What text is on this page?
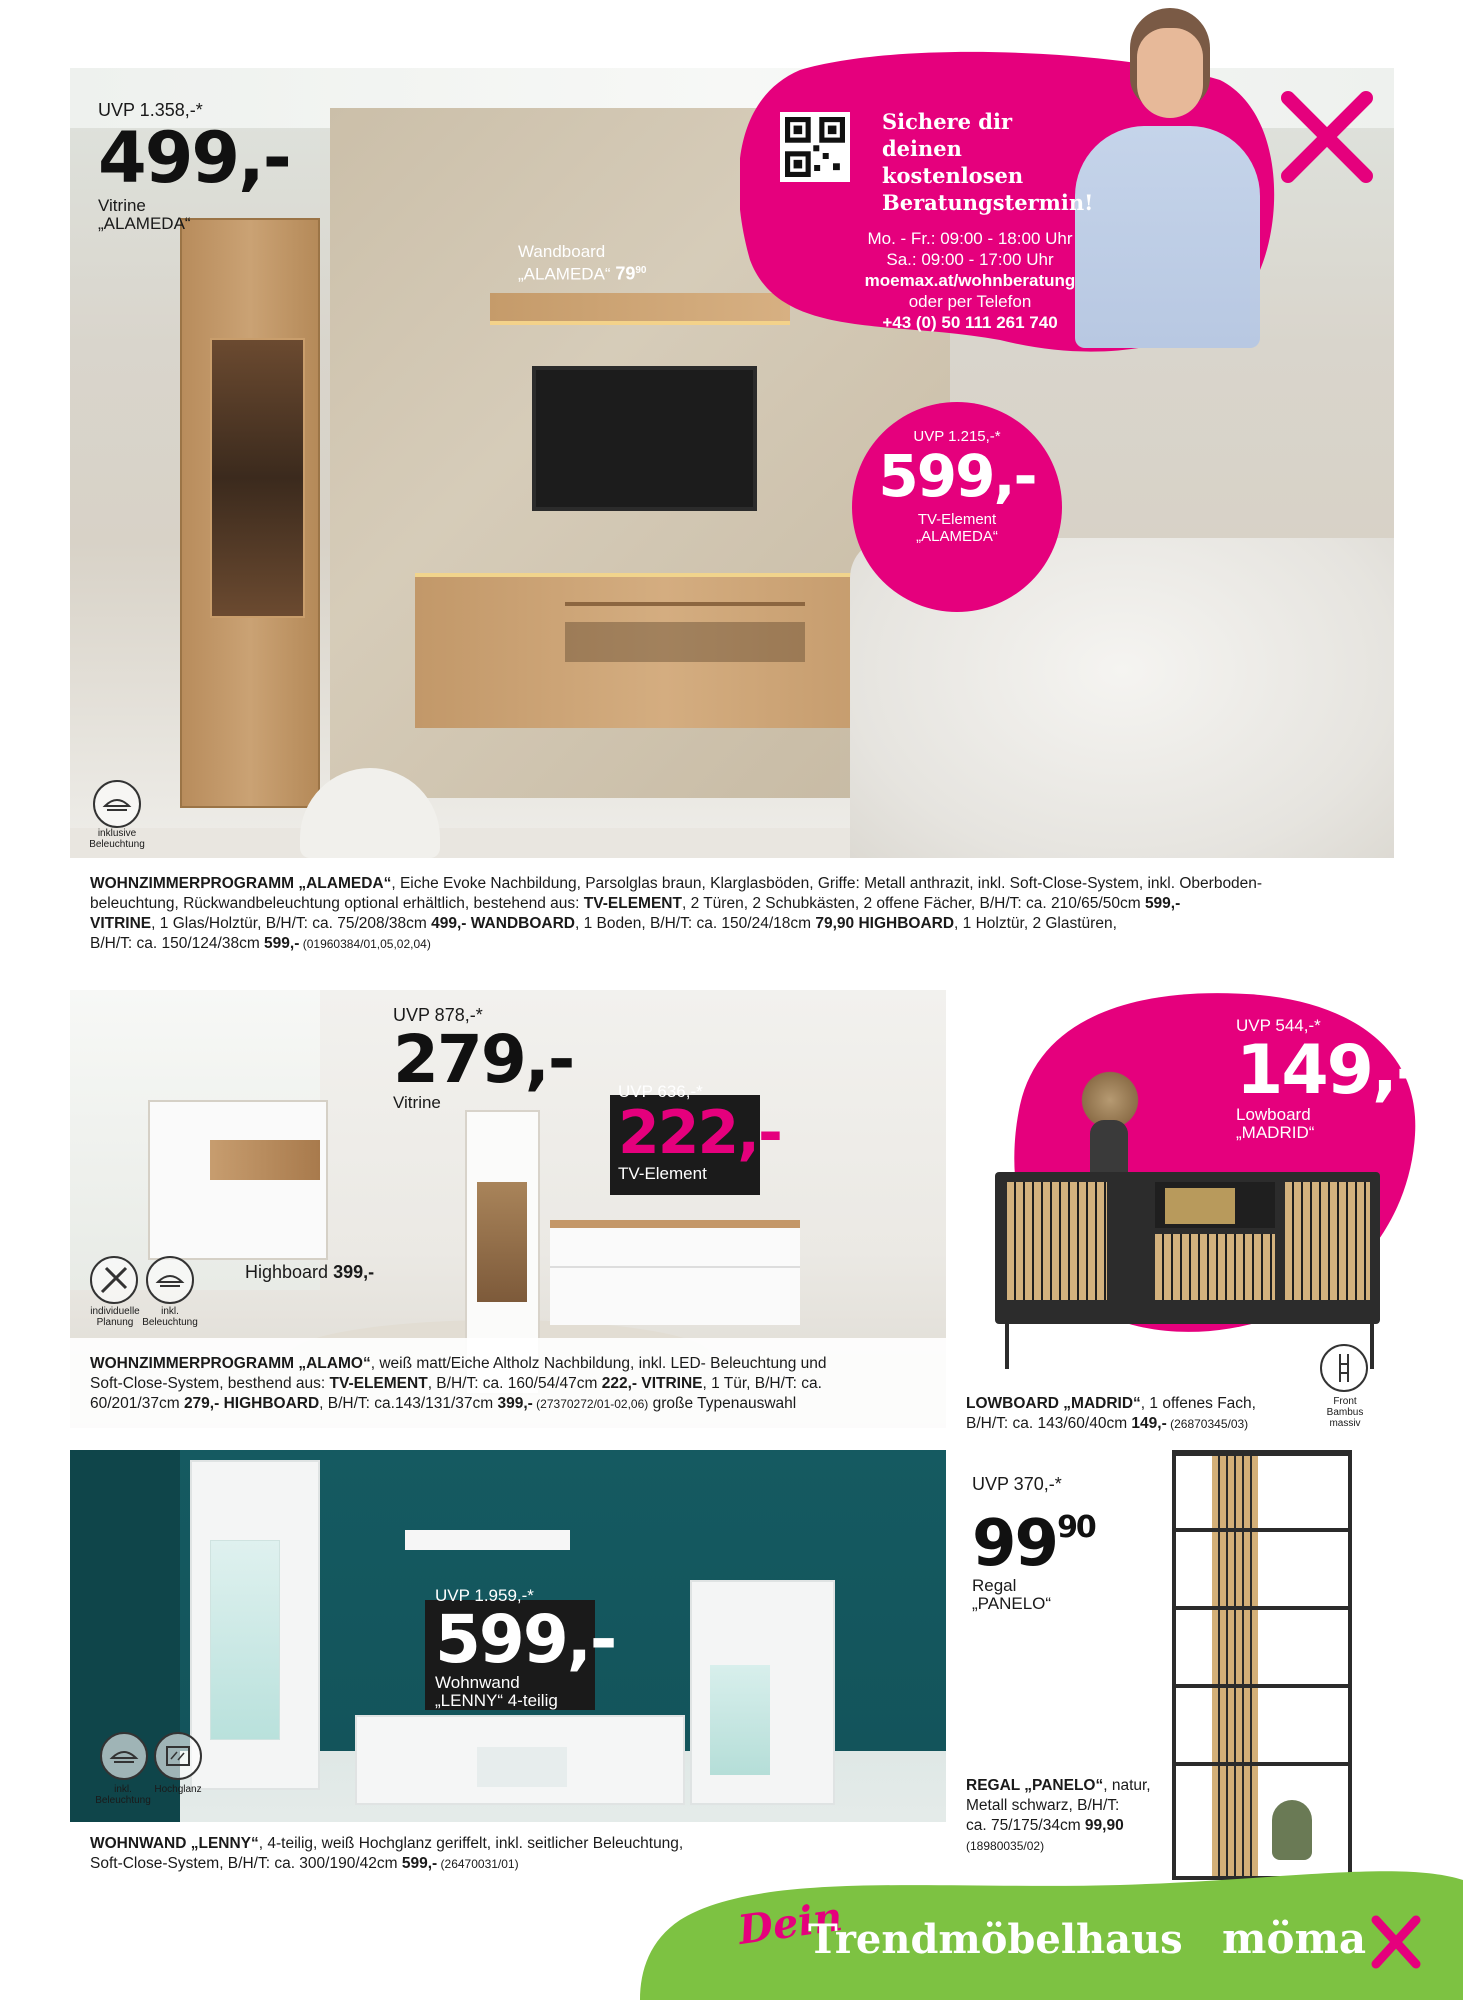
UVP 1.358,-*
499,-
Vitrine
„ALAMEDA“
Wandboard
„ALAMEDA“ $79^{90}$
Sichere dir
deinen
kostenlosen
Beratungstermin!
Mo. - Fr.: 09:00 - 18:00 Uhr
Sa.: 09:00 - 17:00 Uhr
moemax.at/wohnberatung
oder per Telefon
+43 (0) 50 111 261 740
UVP 1.215,-*
599,-
TV-Element
„ALAMEDA“
inklusive
Beleuchtung
WOHNZIMMERPROGRAMM „ALAMEDA“, Eiche Evoke Nachbildung, Parsolglas braun, Klarglasböden, Griffe: Metall anthrazit, inkl. Soft-Close-System, inkl. Oberboden-
beleuchtung, Rückwandbeleuchtung optional erhältlich, bestehend aus: TV-ELEMENT, 2 Türen, 2 Schubkästen, 2 offene Fächer, B/H/T: ca. 210/65/50cm 599,-
VITRINE, 1 Glas/Holztür, B/H/T: ca. 75/208/38cm 499,- WANDBOARD, 1 Boden, B/H/T: ca. 150/24/18cm 79,90 HIGHBOARD, 1 Holztür, 2 Glastüren,
B/H/T: ca. 150/124/38cm 599,- (01960384/01,05,02,04)
UVP 878,-*
279,-
Vitrine
UVP 636,-*
222,-
TV-Element
Highboard 399,-
individuelle
Planung
inkl.
Beleuchtung
WOHNZIMMERPROGRAMM „ALAMO“, weiß matt/Eiche Altholz Nachbildung, inkl. LED- Beleuchtung und
Soft-Close-System, besthend aus: TV-ELEMENT, B/H/T: ca. 160/54/47cm 222,- VITRINE, 1 Tür, B/H/T: ca.
60/201/37cm 279,- HIGHBOARD, B/H/T: ca.143/131/37cm 399,- (27370272/01-02,06) große Typenauswahl
UVP 544,-*
149,-
Lowboard
„MADRID“
LOWBOARD „MADRID“, 1 offenes Fach,
B/H/T: ca. 143/60/40cm 149,- (26870345/03)
Front
Bambus
massiv
UVP 1.959,-*
599,-
Wohnwand
„LENNY“ 4-teilig
inkl.
Beleuchtung
Hochglanz
WOHNWAND „LENNY“, 4-teilig, weiß Hochglanz geriffelt, inkl. seitlicher Beleuchtung,
Soft-Close-System, B/H/T: ca. 300/190/42cm 599,- (26470031/01)
UVP 370,-*
$99^{90}$
Regal
„PANELO“
REGAL „PANELO“, natur,
Metall schwarz, B/H/T:
ca. 75/175/34cm 99,90
(18980035/02)
Dein
Trendmöbelhaus möma
